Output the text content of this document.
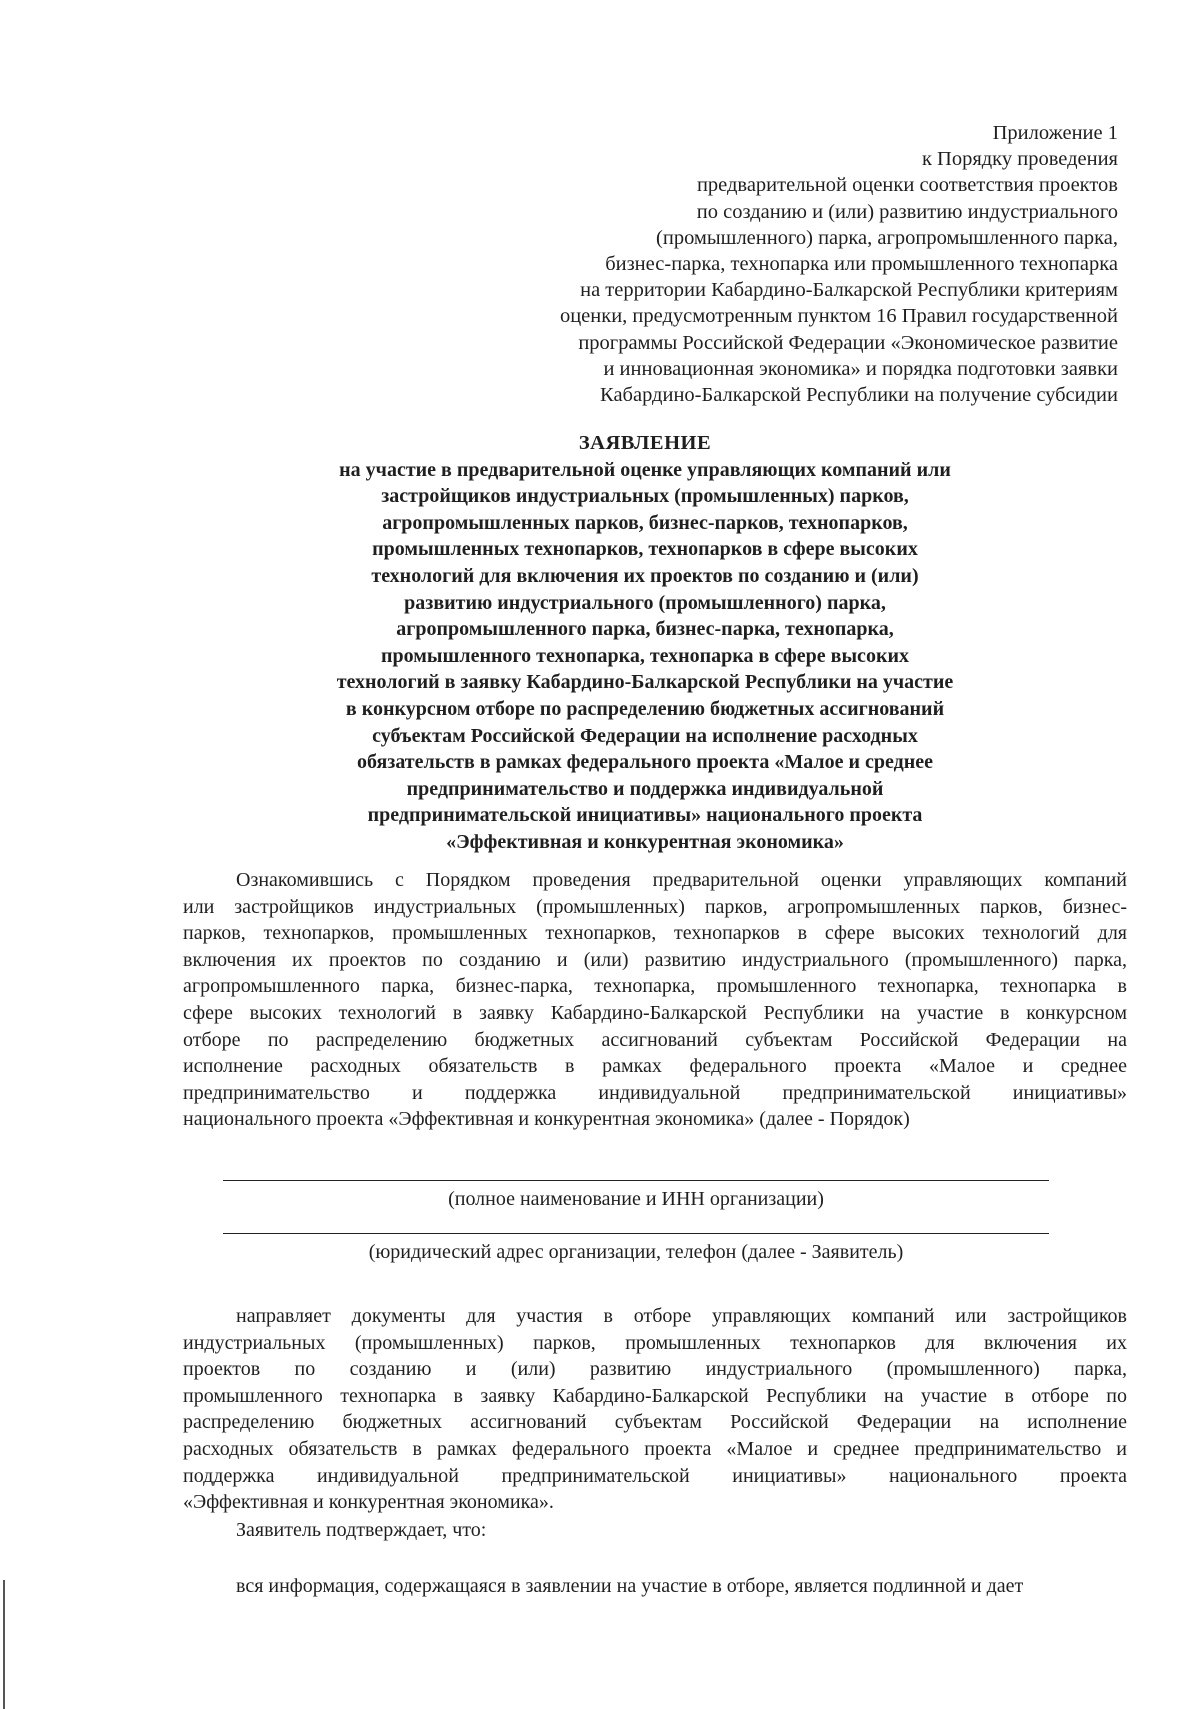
Приложение 1
к Порядку проведения
предварительной оценки соответствия проектов
по созданию и (или) развитию индустриального
(промышленного) парка, агропромышленного парка,
бизнес-парка, технопарка или промышленного технопарка
на территории Кабардино-Балкарской Республики критериям
оценки, предусмотренным пунктом 16 Правил государственной
программы Российской Федерации «Экономическое развитие
и инновационная экономика» и порядка подготовки заявки
Кабардино-Балкарской Республики на получение субсидии
ЗАЯВЛЕНИЕ
на участие в предварительной оценке управляющих компаний или
застройщиков индустриальных (промышленных) парков,
агропромышленных парков, бизнес-парков, технопарков,
промышленных технопарков, технопарков в сфере высоких
технологий для включения их проектов по созданию и (или)
развитию индустриального (промышленного) парка,
агропромышленного парка, бизнес-парка, технопарка,
промышленного технопарка, технопарка в сфере высоких
технологий в заявку Кабардино-Балкарской Республики на участие
в конкурсном отборе по распределению бюджетных ассигнований
субъектам Российской Федерации на исполнение расходных
обязательств в рамках федерального проекта «Малое и среднее
предпринимательство и поддержка индивидуальной
предпринимательской инициативы» национального проекта
«Эффективная и конкурентная экономика»
Ознакомившись с Порядком проведения предварительной оценки управляющих компаний
или застройщиков индустриальных (промышленных) парков, агропромышленных парков, бизнес-
парков, технопарков, промышленных технопарков, технопарков в сфере высоких технологий для
включения их проектов по созданию и (или) развитию индустриального (промышленного) парка,
агропромышленного парка, бизнес-парка, технопарка, промышленного технопарка, технопарка в
сфере высоких технологий в заявку Кабардино-Балкарской Республики на участие в конкурсном
отборе по распределению бюджетных ассигнований субъектам Российской Федерации на
исполнение расходных обязательств в рамках федерального проекта «Малое и среднее
предпринимательство и поддержка индивидуальной предпринимательской инициативы»
национального проекта «Эффективная и конкурентная экономика» (далее - Порядок)
(полное наименование и ИНН организации)
(юридический адрес организации, телефон (далее - Заявитель)
направляет документы для участия в отборе управляющих компаний или застройщиков
индустриальных (промышленных) парков, промышленных технопарков для включения их
проектов по созданию и (или) развитию индустриального (промышленного) парка,
промышленного технопарка в заявку Кабардино-Балкарской Республики на участие в отборе по
распределению бюджетных ассигнований субъектам Российской Федерации на исполнение
расходных обязательств в рамках федерального проекта «Малое и среднее предпринимательство и
поддержка индивидуальной предпринимательской инициативы» национального проекта
«Эффективная и конкурентная экономика».
Заявитель подтверждает, что:
вся информация, содержащаяся в заявлении на участие в отборе, является подлинной и дает
